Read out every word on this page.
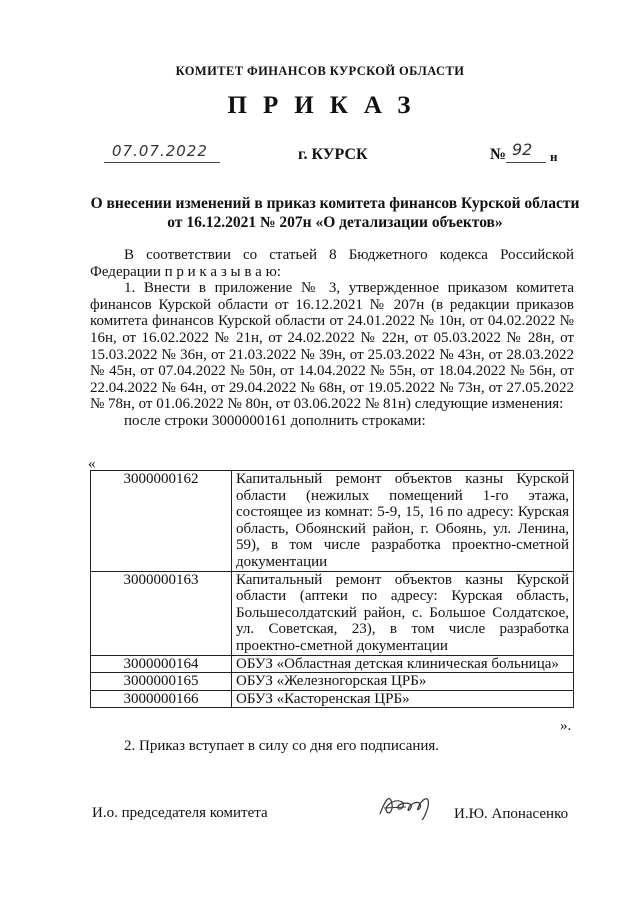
КОМИТЕТ ФИНАНСОВ КУРСКОЙ ОБЛАСТИ
ПРИКАЗ
07.07.2022	г. КУРСК	№ 92 н
О внесении изменений в приказ комитета финансов Курской области от 16.12.2021 № 207н «О детализации объектов»

В соответствии со статьей 8 Бюджетного кодекса Российской Федерации п р и к а з ы в а ю:

1. Внести в приложение № 3, утвержденное приказом комитета финансов Курской области от 16.12.2021 № 207н (в редакции приказов комитета финансов Курской области от 24.01.2022 № 10н, от 04.02.2022 № 16н, от 16.02.2022 № 21н, от 24.02.2022 № 22н, от 05.03.2022 № 28н, от 15.03.2022 № 36н, от 21.03.2022 № 39н, от 25.03.2022 № 43н, от 28.03.2022 № 45н, от 07.04.2022 № 50н, от 14.04.2022 № 55н, от 18.04.2022 № 56н, от 22.04.2022 № 64н, от 29.04.2022 № 68н, от 19.05.2022 № 73н, от 27.05.2022 № 78н, от 01.06.2022 № 80н, от 03.06.2022 № 81н) следующие изменения:

после строки 3000000161 дополнить строками:

«
3000000162	Капитальный ремонт объектов казны Курской области (нежилых помещений 1-го этажа, состоящее из комнат: 5-9, 15, 16 по адресу: Курская область, Обоянский район, г. Обоянь, ул. Ленина, 59), в том числе разработка проектно-сметной документации
3000000163	Капитальный ремонт объектов казны Курской области (аптеки по адресу: Курская область, Большесолдатский район, с. Большое Солдатское, ул. Советская, 23), в том числе разработка проектно-сметной документации
3000000164	ОБУЗ «Областная детская клиническая больница»
3000000165	ОБУЗ «Железногорская ЦРБ»
3000000166	ОБУЗ «Касторенская ЦРБ»
».
2. Приказ вступает в силу со дня его подписания.
И.о. председателя комитета	И.Ю. Апонасенко
